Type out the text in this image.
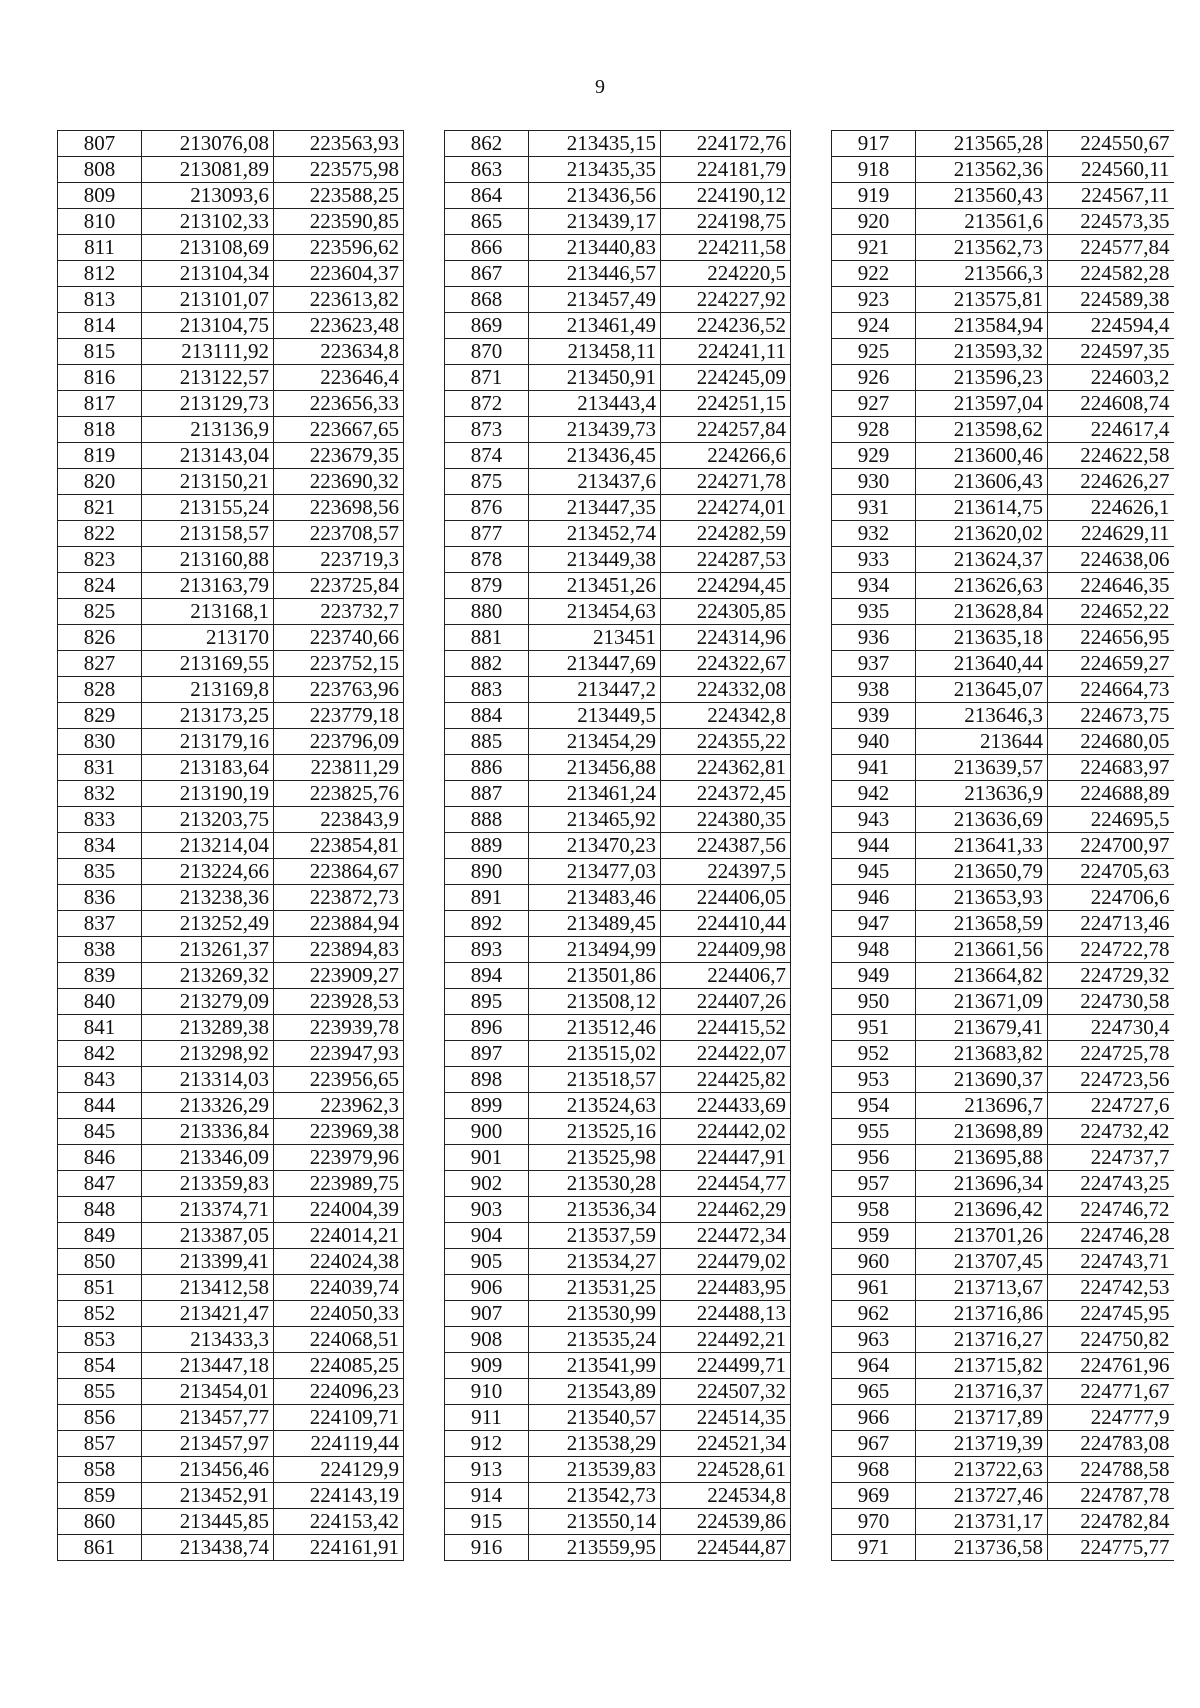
9
807	213076,08	223563,93
808	213081,89	223575,98
809	213093,6	223588,25
810	213102,33	223590,85
811	213108,69	223596,62
812	213104,34	223604,37
813	213101,07	223613,82
814	213104,75	223623,48
815	213111,92	223634,8
816	213122,57	223646,4
817	213129,73	223656,33
818	213136,9	223667,65
819	213143,04	223679,35
820	213150,21	223690,32
821	213155,24	223698,56
822	213158,57	223708,57
823	213160,88	223719,3
824	213163,79	223725,84
825	213168,1	223732,7
826	213170	223740,66
827	213169,55	223752,15
828	213169,8	223763,96
829	213173,25	223779,18
830	213179,16	223796,09
831	213183,64	223811,29
832	213190,19	223825,76
833	213203,75	223843,9
834	213214,04	223854,81
835	213224,66	223864,67
836	213238,36	223872,73
837	213252,49	223884,94
838	213261,37	223894,83
839	213269,32	223909,27
840	213279,09	223928,53
841	213289,38	223939,78
842	213298,92	223947,93
843	213314,03	223956,65
844	213326,29	223962,3
845	213336,84	223969,38
846	213346,09	223979,96
847	213359,83	223989,75
848	213374,71	224004,39
849	213387,05	224014,21
850	213399,41	224024,38
851	213412,58	224039,74
852	213421,47	224050,33
853	213433,3	224068,51
854	213447,18	224085,25
855	213454,01	224096,23
856	213457,77	224109,71
857	213457,97	224119,44
858	213456,46	224129,9
859	213452,91	224143,19
860	213445,85	224153,42
861	213438,74	224161,91
862	213435,15	224172,76
863	213435,35	224181,79
864	213436,56	224190,12
865	213439,17	224198,75
866	213440,83	224211,58
867	213446,57	224220,5
868	213457,49	224227,92
869	213461,49	224236,52
870	213458,11	224241,11
871	213450,91	224245,09
872	213443,4	224251,15
873	213439,73	224257,84
874	213436,45	224266,6
875	213437,6	224271,78
876	213447,35	224274,01
877	213452,74	224282,59
878	213449,38	224287,53
879	213451,26	224294,45
880	213454,63	224305,85
881	213451	224314,96
882	213447,69	224322,67
883	213447,2	224332,08
884	213449,5	224342,8
885	213454,29	224355,22
886	213456,88	224362,81
887	213461,24	224372,45
888	213465,92	224380,35
889	213470,23	224387,56
890	213477,03	224397,5
891	213483,46	224406,05
892	213489,45	224410,44
893	213494,99	224409,98
894	213501,86	224406,7
895	213508,12	224407,26
896	213512,46	224415,52
897	213515,02	224422,07
898	213518,57	224425,82
899	213524,63	224433,69
900	213525,16	224442,02
901	213525,98	224447,91
902	213530,28	224454,77
903	213536,34	224462,29
904	213537,59	224472,34
905	213534,27	224479,02
906	213531,25	224483,95
907	213530,99	224488,13
908	213535,24	224492,21
909	213541,99	224499,71
910	213543,89	224507,32
911	213540,57	224514,35
912	213538,29	224521,34
913	213539,83	224528,61
914	213542,73	224534,8
915	213550,14	224539,86
916	213559,95	224544,87
917	213565,28	224550,67
918	213562,36	224560,11
919	213560,43	224567,11
920	213561,6	224573,35
921	213562,73	224577,84
922	213566,3	224582,28
923	213575,81	224589,38
924	213584,94	224594,4
925	213593,32	224597,35
926	213596,23	224603,2
927	213597,04	224608,74
928	213598,62	224617,4
929	213600,46	224622,58
930	213606,43	224626,27
931	213614,75	224626,1
932	213620,02	224629,11
933	213624,37	224638,06
934	213626,63	224646,35
935	213628,84	224652,22
936	213635,18	224656,95
937	213640,44	224659,27
938	213645,07	224664,73
939	213646,3	224673,75
940	213644	224680,05
941	213639,57	224683,97
942	213636,9	224688,89
943	213636,69	224695,5
944	213641,33	224700,97
945	213650,79	224705,63
946	213653,93	224706,6
947	213658,59	224713,46
948	213661,56	224722,78
949	213664,82	224729,32
950	213671,09	224730,58
951	213679,41	224730,4
952	213683,82	224725,78
953	213690,37	224723,56
954	213696,7	224727,6
955	213698,89	224732,42
956	213695,88	224737,7
957	213696,34	224743,25
958	213696,42	224746,72
959	213701,26	224746,28
960	213707,45	224743,71
961	213713,67	224742,53
962	213716,86	224745,95
963	213716,27	224750,82
964	213715,82	224761,96
965	213716,37	224771,67
966	213717,89	224777,9
967	213719,39	224783,08
968	213722,63	224788,58
969	213727,46	224787,78
970	213731,17	224782,84
971	213736,58	224775,77
